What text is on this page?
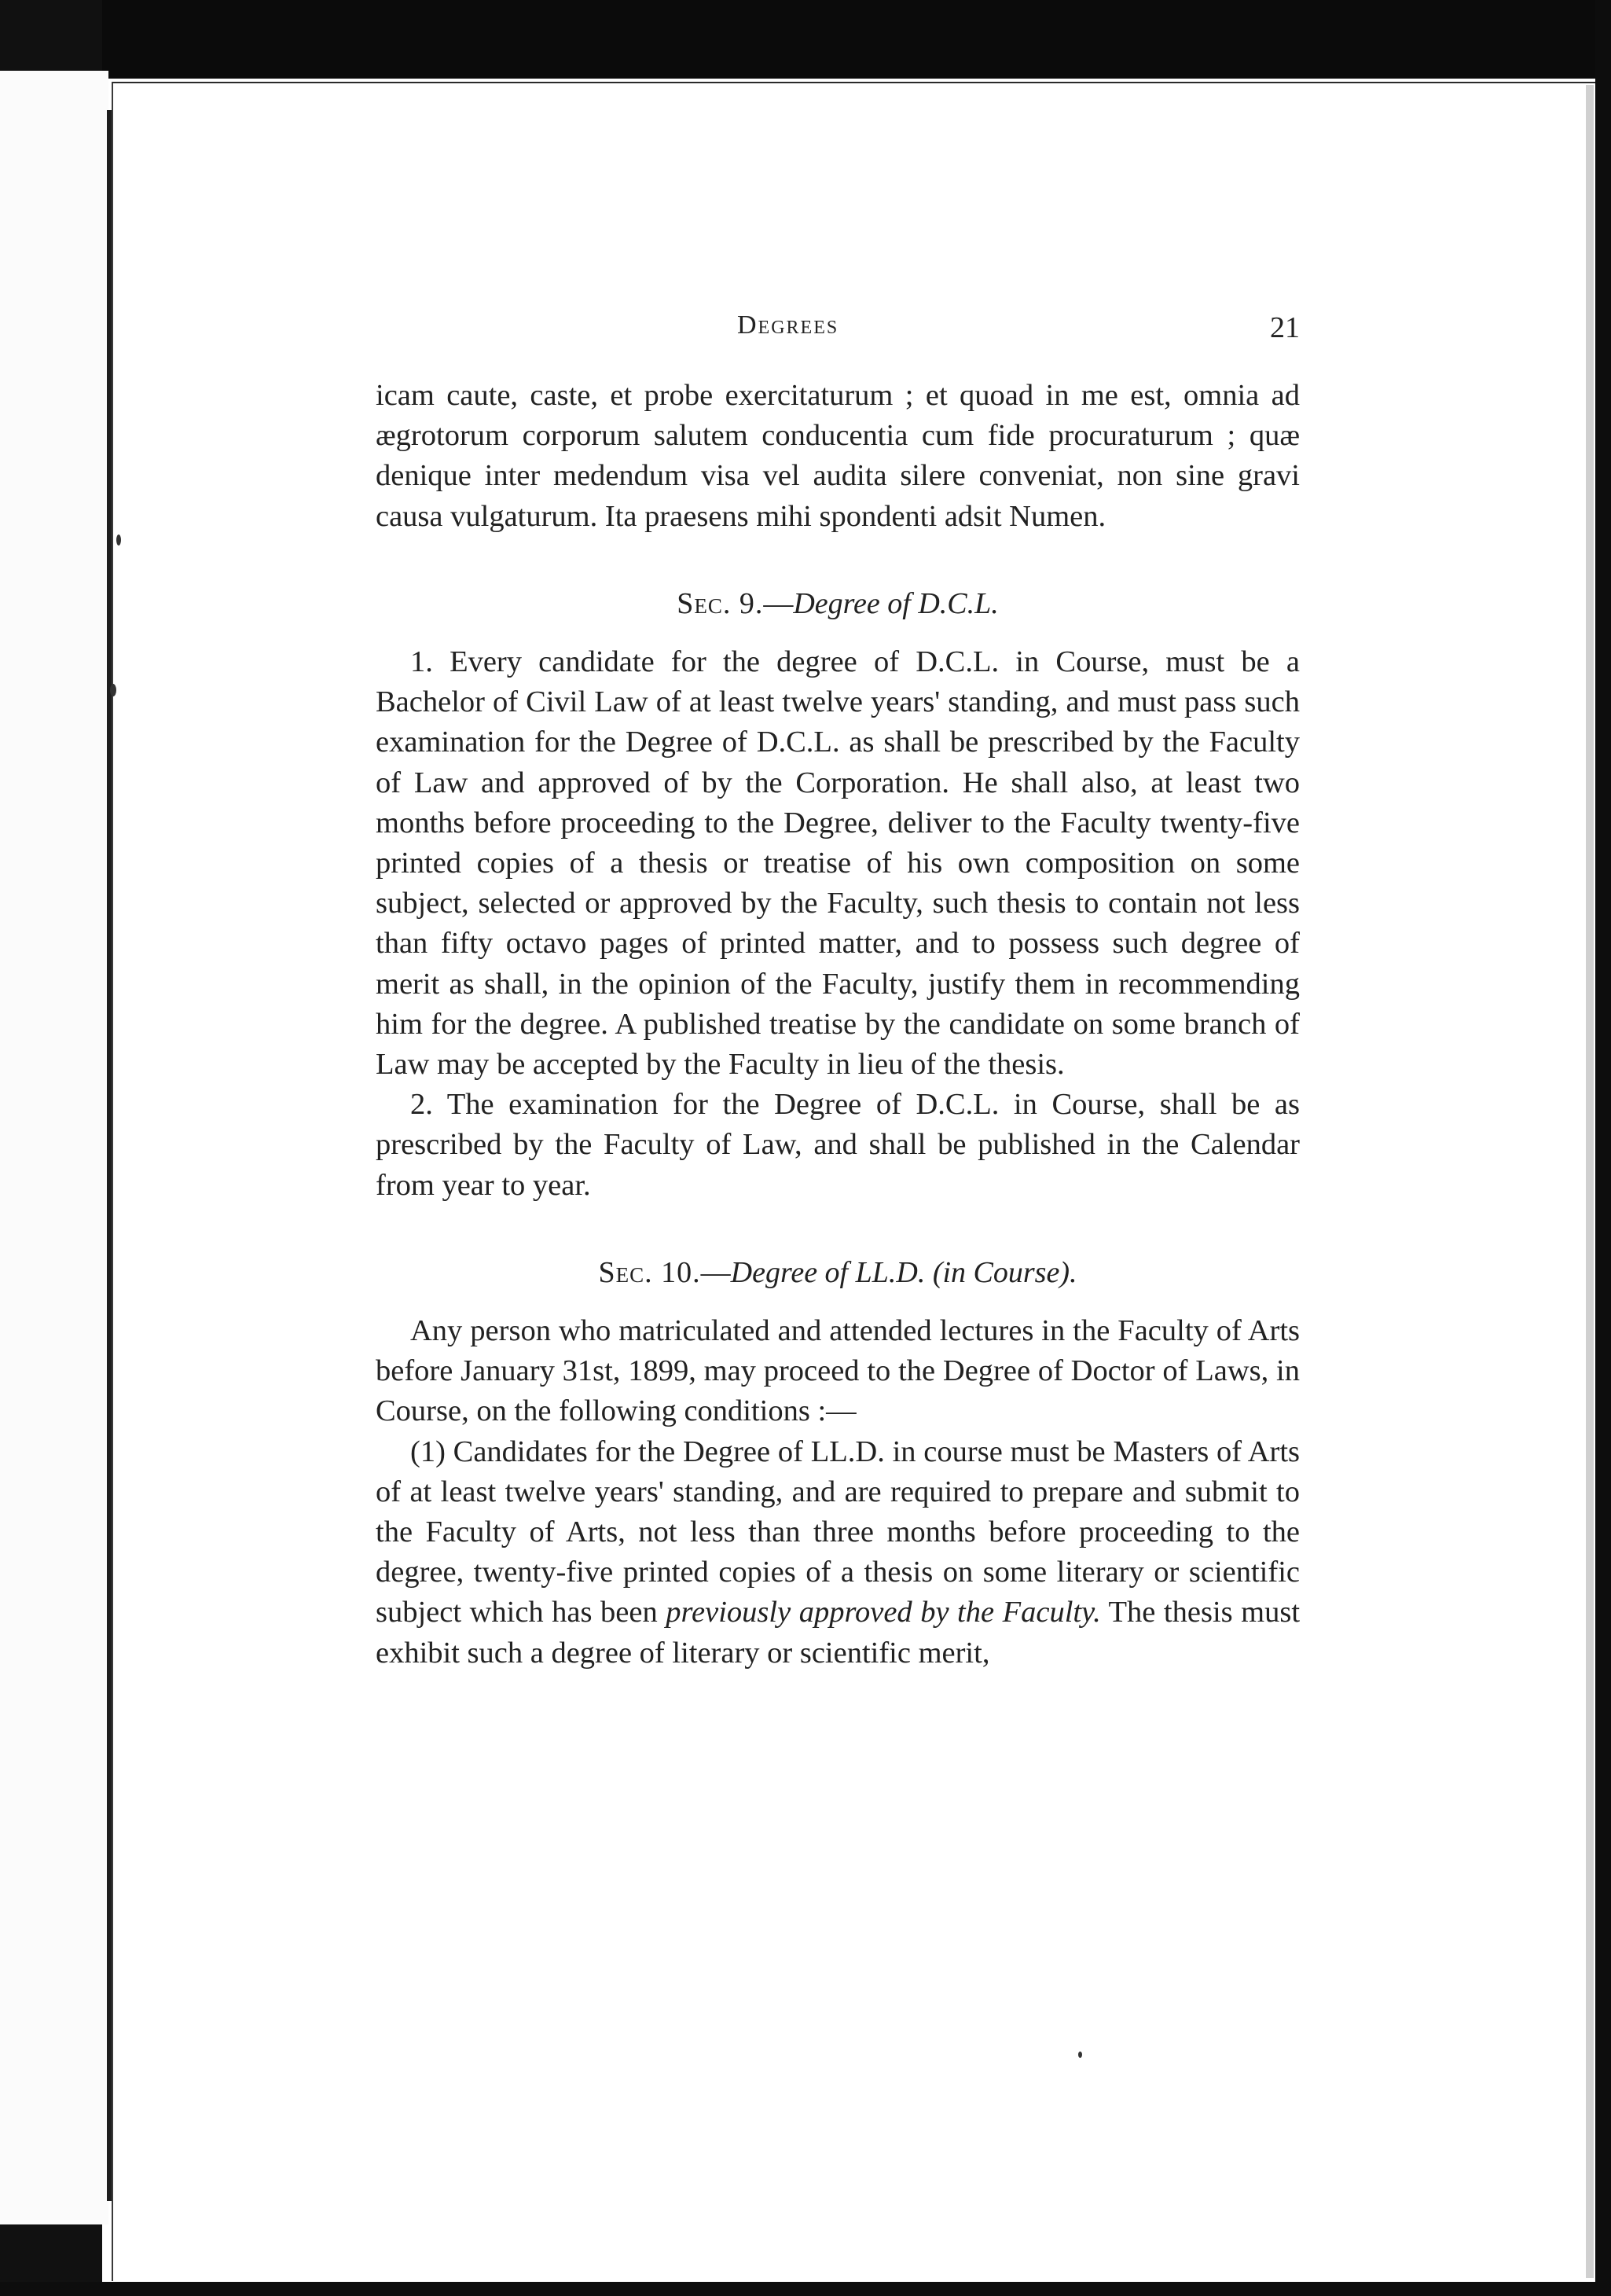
Degrees	21

icam caute, caste, et probe exercitaturum ; et quoad in me est, omnia ad ægrotorum corporum salutem conducentia cum fide procuraturum ; quæ denique inter medendum visa vel audita silere conveniat, non sine gravi causa vulgaturum. Ita praesens mihi spondenti adsit Numen.

Sec. 9.—Degree of D.C.L.

1. Every candidate for the degree of D.C.L. in Course, must be a Bachelor of Civil Law of at least twelve years' standing, and must pass such examination for the Degree of D.C.L. as shall be prescribed by the Faculty of Law and approved of by the Corporation. He shall also, at least two months before proceeding to the Degree, deliver to the Faculty twenty-five printed copies of a thesis or treatise of his own composition on some subject, selected or approved by the Faculty, such thesis to contain not less than fifty octavo pages of printed matter, and to possess such degree of merit as shall, in the opinion of the Faculty, justify them in recommending him for the degree. A published treatise by the candidate on some branch of Law may be accepted by the Faculty in lieu of the thesis.

2. The examination for the Degree of D.C.L. in Course, shall be as prescribed by the Faculty of Law, and shall be published in the Calendar from year to year.

Sec. 10.—Degree of LL.D. (in Course).

Any person who matriculated and attended lectures in the Faculty of Arts before January 31st, 1899, may proceed to the Degree of Doctor of Laws, in Course, on the following conditions :—

(1) Candidates for the Degree of LL.D. in course must be Masters of Arts of at least twelve years' standing, and are required to prepare and submit to the Faculty of Arts, not less than three months before proceeding to the degree, twenty-five printed copies of a thesis on some literary or scientific subject which has been previously approved by the Faculty. The thesis must exhibit such a degree of literary or scientific merit,
